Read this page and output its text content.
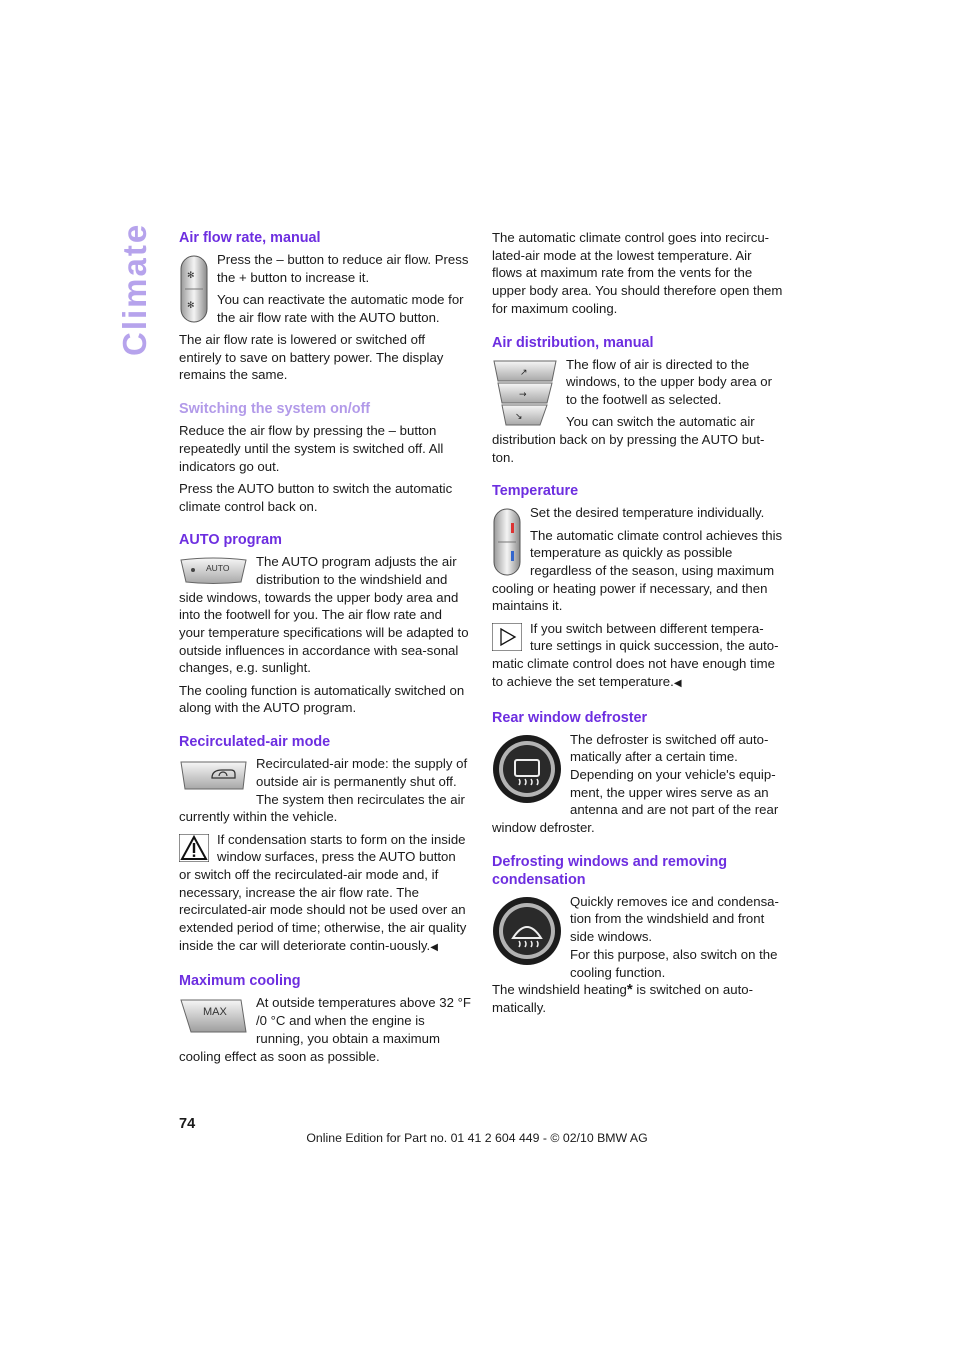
Climate Air flow rate, manual
✻
✻

Press the – button to reduce air flow. Press the + button to increase it.

You can reactivate the automatic mode for the air flow rate with the AUTO button.

The air flow rate is lowered or switched off entirely to save on battery power. The display remains the same.

Switching the system on/off

Reduce the air flow by pressing the – button repeatedly until the system is switched off. All indicators go out.

Press the AUTO button to switch the automatic climate control back on.

AUTO program
AUTO	The AUTO program adjusts the air distribution to the windshield and side windows, towards the upper body area and into the footwell for you. The air flow rate and your temperature specifications will be adapted to outside influences in accordance with sea-sonal changes, e.g. sunlight.

The cooling function is automatically switched on along with the AUTO program.

Recirculated-air mode

Recirculated-air mode: the supply of outside air is permanently shut off. The system then recirculates the air currently within the vehicle.

If condensation starts to form on the inside window surfaces, press the AUTO button or switch off the recirculated-air mode and, if necessary, increase the air flow rate. The recirculated-air mode should not be used over an extended period of time; otherwise, the air quality inside the car will deteriorate contin-uously.◀

Maximum cooling
MAX

At outside temperatures above 32 °F /0 °C and when the engine is running, you obtain a maximum cooling effect as soon as possible.

The automatic climate control goes into recircu-lated-air mode at the lowest temperature. Air flows at maximum rate from the vents for the upper body area. You should therefore open them for maximum cooling.

Air distribution, manual
↗
→
↘

The flow of air is directed to the windows, to the upper body area or to the footwell as selected.

You can switch the automatic air distribution back on by pressing the AUTO but-ton.

Temperature

Set the desired temperature individually.

The automatic climate control achieves this temperature as quickly as possible regardless of the season, using maximum cooling or heating power if necessary, and then maintains it.

If you switch between different tempera-ture settings in quick succession, the auto-matic climate control does not have enough time to achieve the set temperature.◀

Rear window defroster

The defroster is switched off auto-matically after a certain time. Depending on your vehicle's equip-ment, the upper wires serve as an antenna and are not part of the rear window defroster.

Defrosting windows and removing condensation

Quickly removes ice and condensa-tion from the windshield and front side windows.

For this purpose, also switch on the cooling function.

The windshield heating* is switched on auto-matically.

74
Online Edition for Part no. 01 41 2 604 449 - © 02/10 BMW AG
